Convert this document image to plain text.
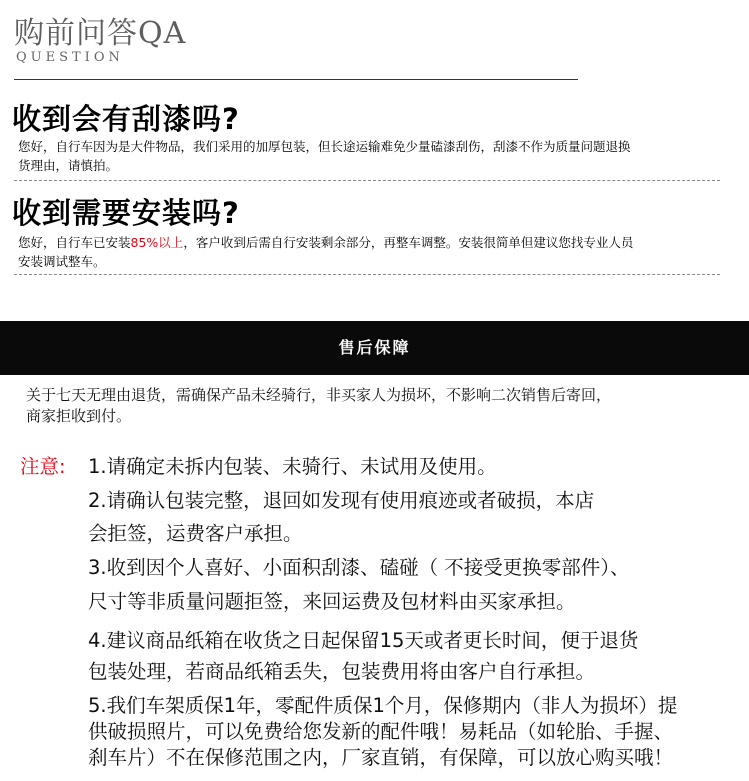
购前问答QA
QUESTION
收到会有刮漆吗?
您好，自行车因为是大件物品，我们采用的加厚包装，但长途运输难免少量磕漆刮伤，刮漆不作为质量问题退换
货理由，请慎拍。
收到需要安装吗?
您好，自行车已安装85%以上，客户收到后需自行安装剩余部分，再整车调整。安装很简单但建议您找专业人员
安装调试整车。
售后保障
关于七天无理由退货，需确保产品未经骑行，非买家人为损坏，不影响二次销售后寄回，
商家拒收到付。
注意: 1.请确定未拆内包装、未骑行、未试用及使用。
2.请确认包装完整，退回如发现有使用痕迹或者破损，本店
会拒签，运费客户承担。
3.收到因个人喜好、小面积刮漆、磕碰（ 不接受更换零部件）、
尺寸等非质量问题拒签，来回运费及包材料由买家承担。
4.建议商品纸箱在收货之日起保留15天或者更长时间，便于退货
包装处理，若商品纸箱丢失，包装费用将由客户自行承担。
5.我们车架质保1年，零配件质保1个月，保修期内（非人为损坏）提
供破损照片，可以免费给您发新的配件哦！易耗品（如轮胎、手握、
刹车片）不在保修范围之内，厂家直销，有保障，可以放心购买哦！
